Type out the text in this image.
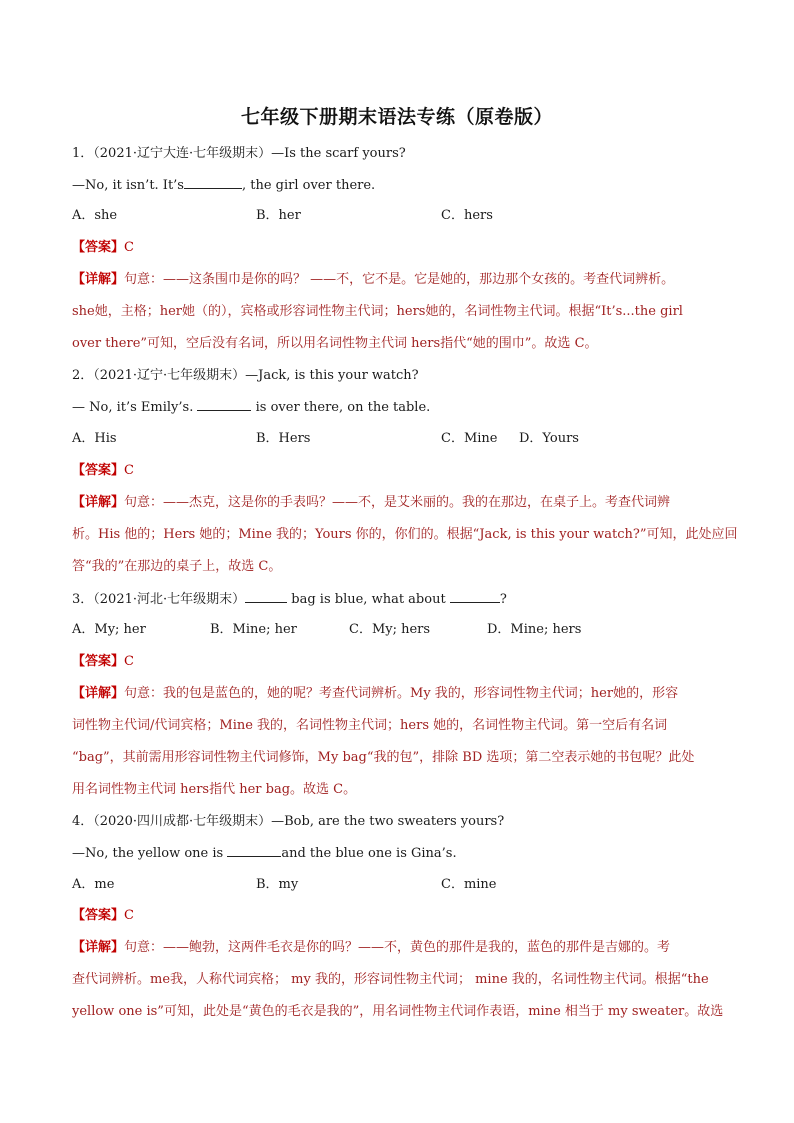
七年级下册期末语法专练（原卷版）
1．（2021·辽宁大连·七年级期末）—Is the scarf yours?
—No, it isn’t. It’s	, the girl over there.
A．she	B．her	C．hers
【答案】C
【详解】句意：——这条围巾是你的吗？ ——不，它不是。它是她的，那边那个女孩的。考查代词辨析。
she她，主格；her她（的），宾格或形容词性物主代词；hers她的，名词性物主代词。根据“It’s...the girl
over there”可知，空后没有名词，所以用名词性物主代词 hers指代“她的围巾”。故选 C。
2．（2021·辽宁·七年级期末）—Jack, is this your watch?
— No, it’s Emily’s.	is over there, on the table.
A．His	B．Hers	C．Mine D．Yours
【答案】C
【详解】句意：——杰克，这是你的手表吗？——不，是艾米丽的。我的在那边，在桌子上。考查代词辨
析。His 他的；Hers 她的；Mine 我的；Yours 你的，你们的。根据“Jack, is this your watch?”可知，此处应回
答“我的”在那边的桌子上，故选 C。
3．（2021·河北·七年级期末）	bag is blue, what about	?
A．My; her	B．Mine; her	C．My; hers	D．Mine; hers
【答案】C
【详解】句意：我的包是蓝色的，她的呢？考查代词辨析。My 我的，形容词性物主代词；her她的，形容
词性物主代词/代词宾格；Mine 我的，名词性物主代词；hers 她的，名词性物主代词。第一空后有名词
“bag”，其前需用形容词性物主代词修饰，My bag“我的包”，排除 BD 选项；第二空表示她的书包呢？此处
用名词性物主代词 hers指代 her bag。故选 C。
4．（2020·四川成都·七年级期末）—Bob, are the two sweaters yours?
—No, the yellow one is	and the blue one is Gina’s.
A．me	B．my	C．mine
【答案】C
【详解】句意：——鲍勃，这两件毛衣是你的吗？——不，黄色的那件是我的，蓝色的那件是吉娜的。考
查代词辨析。me我，人称代词宾格； my 我的，形容词性物主代词； mine 我的，名词性物主代词。根据“the
yellow one is”可知，此处是“黄色的毛衣是我的”，用名词性物主代词作表语，mine 相当于 my sweater。故选
